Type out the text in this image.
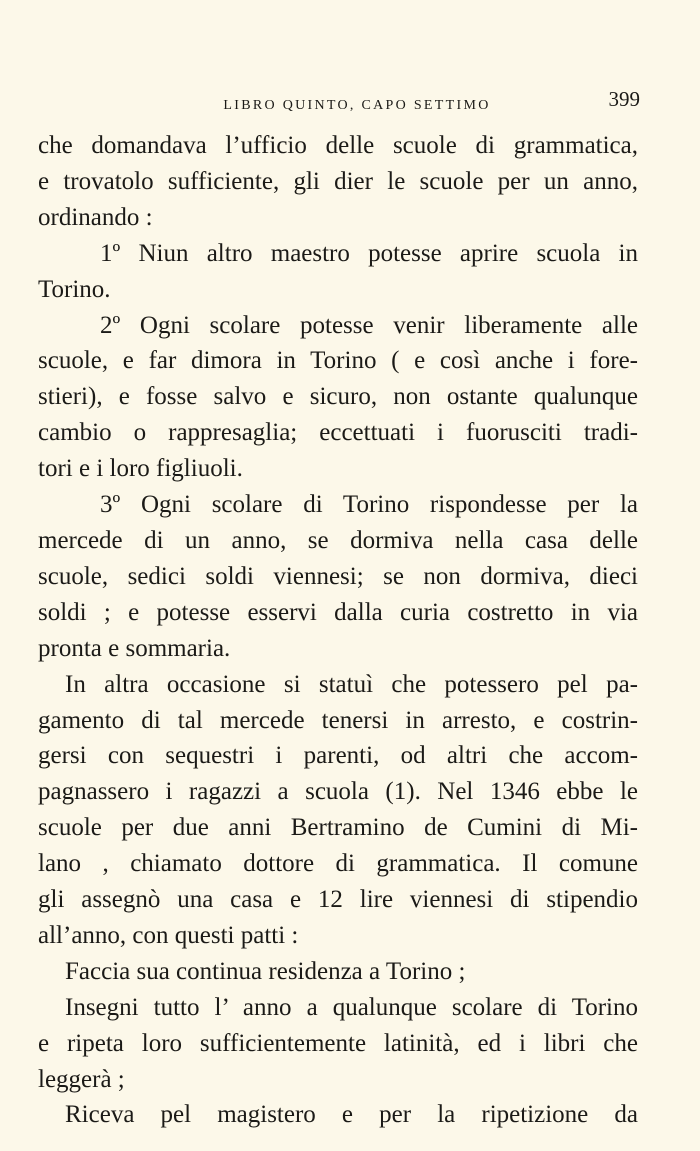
LIBRO QUINTO, CAPO SETTIMO	399
che domandava l’ufficio delle scuole di grammatica,
e trovatolo sufficiente, gli dier le scuole per un anno,
ordinando :
1º Niun altro maestro potesse aprire scuola in
Torino.
2º Ogni scolare potesse venir liberamente alle
scuole, e far dimora in Torino ( e così anche i fore-
stieri), e fosse salvo e sicuro, non ostante qualunque
cambio o rappresaglia; eccettuati i fuorusciti tradi-
tori e i loro figliuoli.
3º Ogni scolare di Torino rispondesse per la
mercede di un anno, se dormiva nella casa delle
scuole, sedici soldi viennesi; se non dormiva, dieci
soldi ; e potesse esservi dalla curia costretto in via
pronta e sommaria.
In altra occasione si statuì che potessero pel pa-
gamento di tal mercede tenersi in arresto, e costrin-
gersi con sequestri i parenti, od altri che accom-
pagnassero i ragazzi a scuola (1). Nel 1346 ebbe le
scuole per due anni Bertramino de Cumini di Mi-
lano , chiamato dottore di grammatica. Il comune
gli assegnò una casa e 12 lire viennesi di stipendio
all’anno, con questi patti :
Faccia sua continua residenza a Torino ;
Insegni tutto l’ anno a qualunque scolare di Torino
e ripeta loro sufficientemente latinità, ed i libri che
leggerà ;
Riceva pel magistero e per la ripetizione da
